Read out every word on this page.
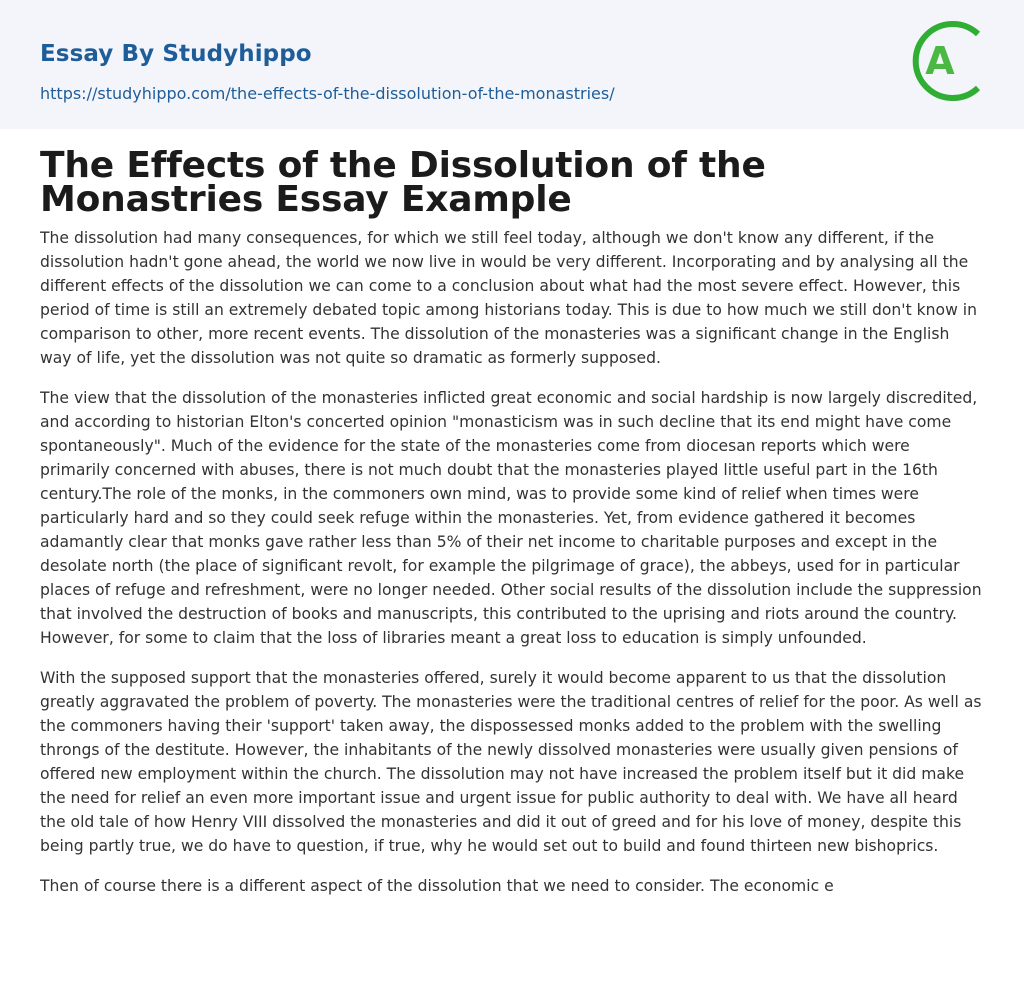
Essay By Studyhippo
https://studyhippo.com/the-effects-of-the-dissolution-of-the-monastries/
A
The Effects of the Dissolution of the Monastries Essay Example

The dissolution had many consequences, for which we still feel today, although we don't know any different, if the dissolution hadn't gone ahead, the world we now live in would be very different. Incorporating and by analysing all the different effects of the dissolution we can come to a conclusion about what had the most severe effect. However, this period of time is still an extremely debated topic among historians today. This is due to how much we still don't know in comparison to other, more recent events. The dissolution of the monasteries was a significant change in the English way of life, yet the dissolution was not quite so dramatic as formerly supposed.

The view that the dissolution of the monasteries inflicted great economic and social hardship is now largely discredited, and according to historian Elton's concerted opinion "monasticism was in such decline that its end might have come spontaneously". Much of the evidence for the state of the monasteries come from diocesan reports which were primarily concerned with abuses, there is not much doubt that the monasteries played little useful part in the 16th century.The role of the monks, in the commoners own mind, was to provide some kind of relief when times were particularly hard and so they could seek refuge within the monasteries. Yet, from evidence gathered it becomes adamantly clear that monks gave rather less than 5% of their net income to charitable purposes and except in the desolate north (the place of significant revolt, for example the pilgrimage of grace), the abbeys, used for in particular places of refuge and refreshment, were no longer needed. Other social results of the dissolution include the suppression that involved the destruction of books and manuscripts, this contributed to the uprising and riots around the country. However, for some to claim that the loss of libraries meant a great loss to education is simply unfounded.

With the supposed support that the monasteries offered, surely it would become apparent to us that the dissolution greatly aggravated the problem of poverty. The monasteries were the traditional centres of relief for the poor. As well as the commoners having their 'support' taken away, the dispossessed monks added to the problem with the swelling throngs of the destitute. However, the inhabitants of the newly dissolved monasteries were usually given pensions of offered new employment within the church. The dissolution may not have increased the problem itself but it did make the need for relief an even more important issue and urgent issue for public authority to deal with. We have all heard the old tale of how Henry VIII dissolved the monasteries and did it out of greed and for his love of money, despite this being partly true, we do have to question, if true, why he would set out to build and found thirteen new bishoprics.

Then of course there is a different aspect of the dissolution that we need to consider. The economic e
